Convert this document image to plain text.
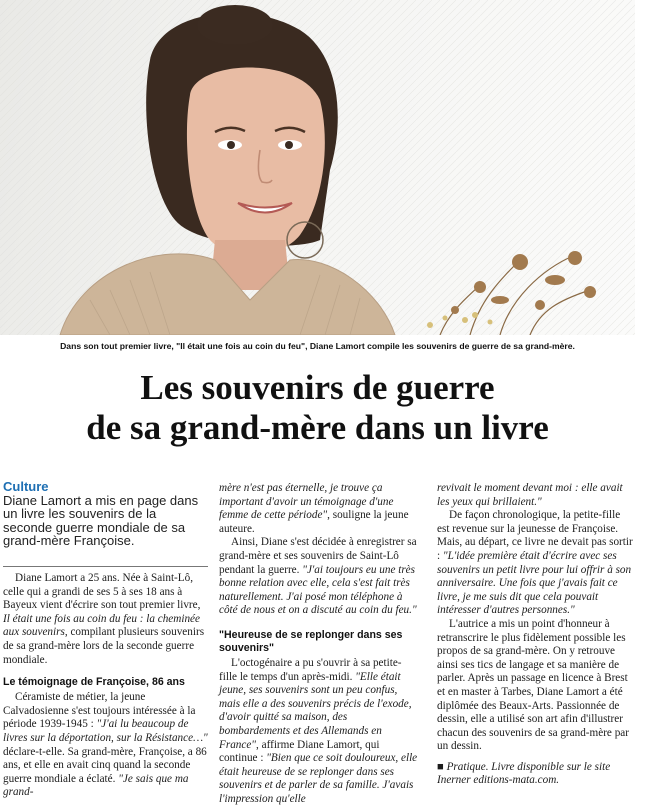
Dans son tout premier livre, "Il était une fois au coin du feu", Diane Lamort compile les souvenirs de guerre de sa grand-mère.
Les souvenirs de guerre
de sa grand-mère dans un livre
Culture
Diane Lamort a mis en page dans un livre les souvenirs de la seconde guerre mondiale de sa grand-mère Françoise.

Diane Lamort a 25 ans. Née à Saint-Lô, celle qui a grandi de ses 5 à ses 18 ans à Bayeux vient d'écrire son tout premier livre, Il était une fois au coin du feu : la cheminée aux souvenirs, compilant plusieurs souvenirs de sa grand-mère lors de la seconde guerre mondiale.

Le témoignage de Françoise, 86 ans

Céramiste de métier, la jeune Calvadosienne s'est toujours intéressée à la période 1939-1945 : "J'ai lu beaucoup de livres sur la déportation, sur la Résistance…" déclare-t-elle. Sa grand-mère, Françoise, a 86 ans, et elle en avait cinq quand la seconde guerre mondiale a éclaté. "Je sais que ma grand-

mère n'est pas éternelle, je trouve ça important d'avoir un témoignage d'une femme de cette période", souligne la jeune auteure.

Ainsi, Diane s'est décidée à enregistrer sa grand-mère et ses souvenirs de Saint-Lô pendant la guerre. "J'ai toujours eu une très bonne relation avec elle, cela s'est fait très naturellement. J'ai posé mon téléphone à côté de nous et on a discuté au coin du feu."

"Heureuse de se replonger dans ses souvenirs"

L'octogénaire a pu s'ouvrir à sa petite-fille le temps d'un après-midi. "Elle était jeune, ses souvenirs sont un peu confus, mais elle a des souvenirs précis de l'exode, d'avoir quitté sa maison, des bombardements et des Allemands en France", affirme Diane Lamort, qui continue : "Bien que ce soit douloureux, elle était heureuse de se replonger dans ses souvenirs et de parler de sa famille. J'avais l'impression qu'elle

revivait le moment devant moi : elle avait les yeux qui brillaient."

De façon chronologique, la petite-fille est revenue sur la jeunesse de Françoise. Mais, au départ, ce livre ne devait pas sortir : "L'idée première était d'écrire avec ses souvenirs un petit livre pour lui offrir à son anniversaire. Une fois que j'avais fait ce livre, je me suis dit que cela pouvait intéresser d'autres personnes."

L'autrice a mis un point d'honneur à retranscrire le plus fidèlement possible les propos de sa grand-mère. On y retrouve ainsi ses tics de langage et sa manière de parler. Après un passage en licence à Brest et en master à Tarbes, Diane Lamort a été diplômée des Beaux-Arts. Passionnée de dessin, elle a utilisé son art afin d'illustrer chacun des souvenirs de sa grand-mère par un dessin.

■ Pratique. Livre disponible sur le site Inerner editions-mata.com.
